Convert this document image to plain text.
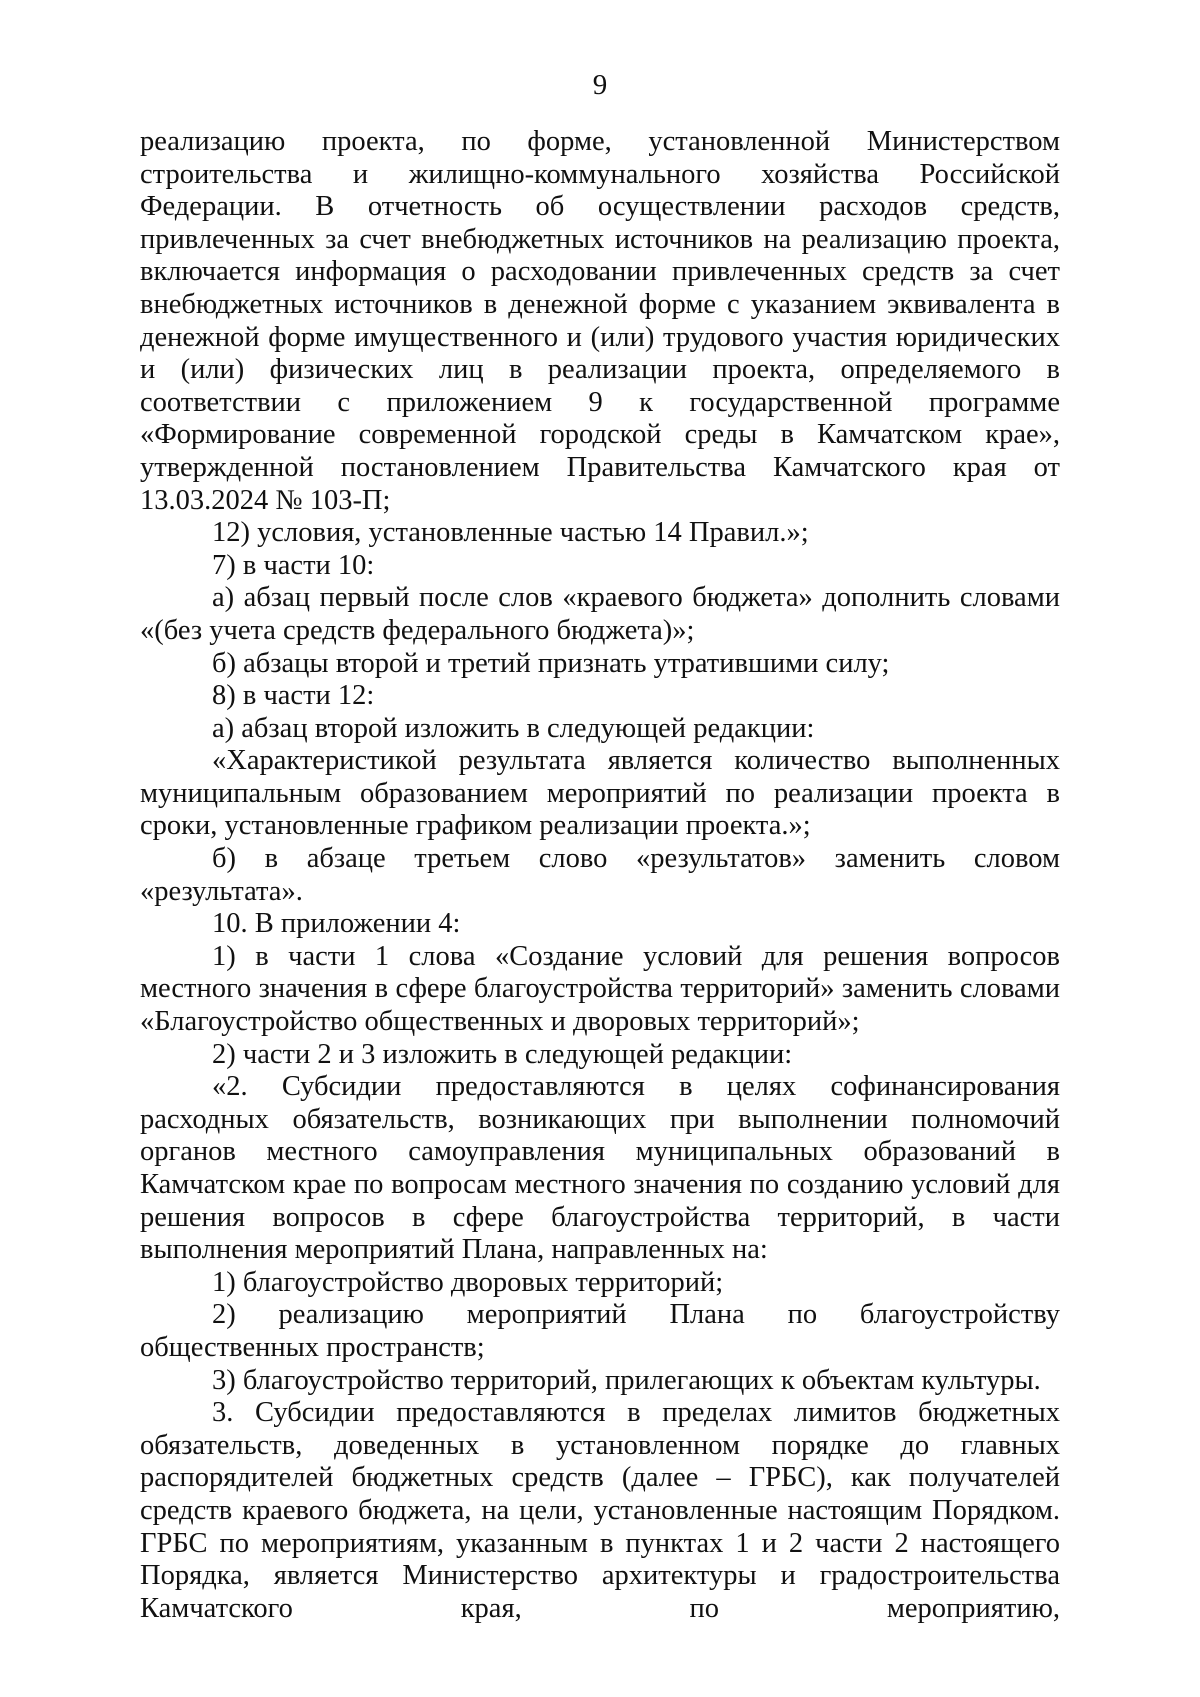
9

реализацию проекта, по форме, установленной Министерством строительства и жилищно-коммунального хозяйства Российской Федерации. В отчетность об осуществлении расходов средств, привлеченных за счет внебюджетных источников на реализацию проекта, включается информация о расходовании привлеченных средств за счет внебюджетных источников в денежной форме с указанием эквивалента в денежной форме имущественного и (или) трудового участия юридических и (или) физических лиц в реализации проекта, определяемого в соответствии с приложением 9 к государственной программе «Формирование современной городской среды в Камчатском крае», утвержденной постановлением Правительства Камчатского края от 13.03.2024 № 103-П;

12) условия, установленные частью 14 Правил.»;

7) в части 10:

а) абзац первый после слов «краевого бюджета» дополнить словами «(без учета средств федерального бюджета)»;

б) абзацы второй и третий признать утратившими силу;

8) в части 12:

а) абзац второй изложить в следующей редакции:

«Характеристикой результата является количество выполненных муниципальным образованием мероприятий по реализации проекта в сроки, установленные графиком реализации проекта.»;

б) в абзаце третьем слово «результатов» заменить словом «результата».

10. В приложении 4:

1) в части 1 слова «Создание условий для решения вопросов местного значения в сфере благоустройства территорий» заменить словами «Благоустройство общественных и дворовых территорий»;

2) части 2 и 3 изложить в следующей редакции:

«2. Субсидии предоставляются в целях софинансирования расходных обязательств, возникающих при выполнении полномочий органов местного самоуправления муниципальных образований в Камчатском крае по вопросам местного значения по созданию условий для решения вопросов в сфере благоустройства территорий, в части выполнения мероприятий Плана, направленных на:

1) благоустройство дворовых территорий;

2) реализацию мероприятий Плана по благоустройству общественных пространств;

3) благоустройство территорий, прилегающих к объектам культуры.

3. Субсидии предоставляются в пределах лимитов бюджетных обязательств, доведенных в установленном порядке до главных распорядителей бюджетных средств (далее – ГРБС), как получателей средств краевого бюджета, на цели, установленные настоящим Порядком. ГРБС по мероприятиям, указанным в пунктах 1 и 2 части 2 настоящего Порядка, является Министерство архитектуры и градостроительства Камчатского края, по мероприятию,
